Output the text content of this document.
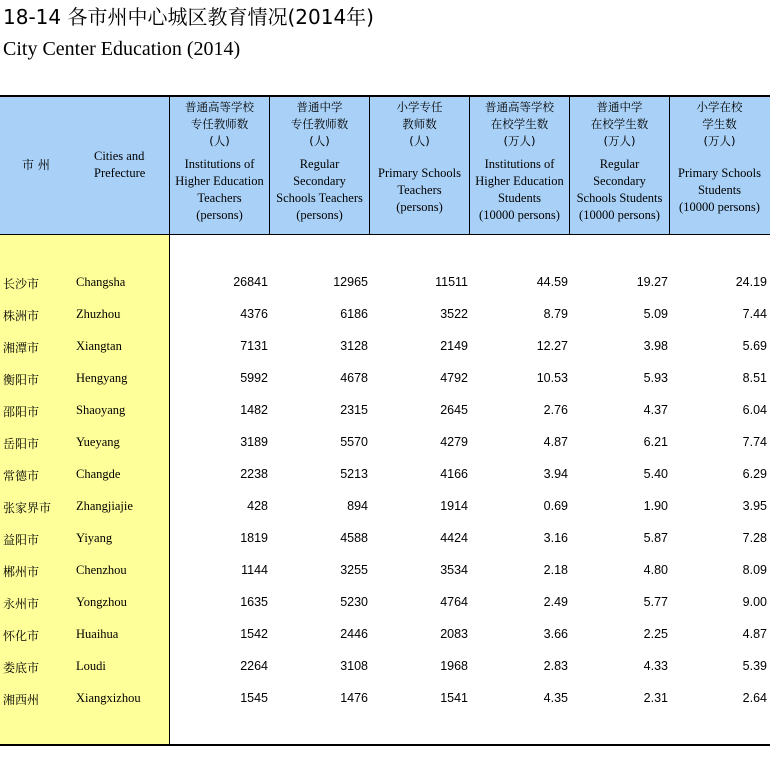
18-14 各市州中心城区教育情况(2014年)
City Center Education (2014)
市 州
Cities and
Prefecture
普通高等学校
专任教师数
(人)
Institutions of
Higher Education
Teachers
(persons)
普通中学
专任教师数
(人)
Regular
Secondary
Schools Teachers
(persons)
小学专任
教师数
(人)
Primary Schools
Teachers
(persons)
普通高等学校
在校学生数
(万人)
Institutions of
Higher Education
Students
(10000 persons)
普通中学
在校学生数
(万人)
Regular
Secondary
Schools Students
(10000 persons)
小学在校
学生数
(万人)
Primary Schools
Students
(10000 persons)
长沙市	Changsha	26841	12965	11511	44.59	19.27	24.19
株洲市	Zhuzhou	4376	6186	3522	8.79	5.09	7.44
湘潭市	Xiangtan	7131	3128	2149	12.27	3.98	5.69
衡阳市	Hengyang	5992	4678	4792	10.53	5.93	8.51
邵阳市	Shaoyang	1482	2315	2645	2.76	4.37	6.04
岳阳市	Yueyang	3189	5570	4279	4.87	6.21	7.74
常德市	Changde	2238	5213	4166	3.94	5.40	6.29
张家界市 Zhangjiajie	428	894	1914	0.69	1.90	3.95
益阳市	Yiyang	1819	4588	4424	3.16	5.87	7.28
郴州市	Chenzhou	1144	3255	3534	2.18	4.80	8.09
永州市	Yongzhou	1635	5230	4764	2.49	5.77	9.00
怀化市	Huaihua	1542	2446	2083	3.66	2.25	4.87
娄底市	Loudi	2264	3108	1968	2.83	4.33	5.39
湘西州	Xiangxizhou	1545	1476	1541	4.35	2.31	2.64
